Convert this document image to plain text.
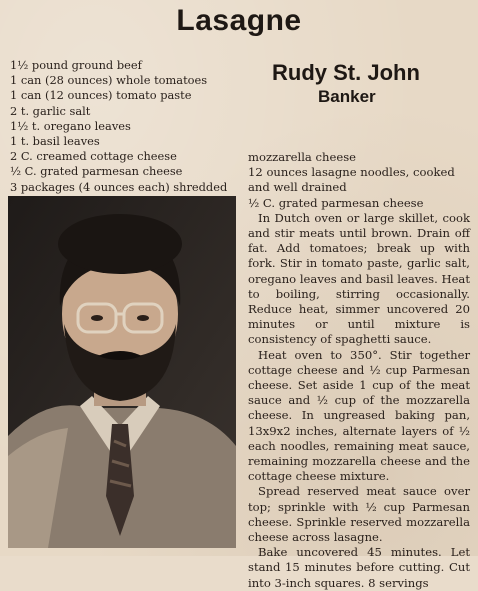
Lasagne
1½ pound ground beef
1 can (28 ounces) whole tomatoes
1 can (12 ounces) tomato paste
2 t. garlic salt
1½ t. oregano leaves
1 t. basil leaves
2 C. creamed cottage cheese
½ C. grated parmesan cheese
3 packages (4 ounces each) shredded
Rudy St. John
Banker

mozzarella cheese

12 ounces lasagne noodles, cooked and well drained

½ C. grated parmesan cheese

In Dutch oven or large skillet, cook and stir meats until brown. Drain off fat. Add tomatoes; break up with fork. Stir in tomato paste, garlic salt, oregano leaves and basil leaves. Heat to boiling, stirring occasionally. Reduce heat, simmer uncovered 20 minutes or until mixture is consistency of spaghetti sauce.

Heat oven to 350°. Stir together cottage cheese and ½ cup Parmesan cheese. Set aside 1 cup of the meat sauce and ½ cup of the mozzarella cheese. In ungreased baking pan, 13x9x2 inches, alternate layers of ½ each noodles, remaining meat sauce, remaining mozzarella cheese and the cottage cheese mixture.

Spread reserved meat sauce over top; sprinkle with ½ cup Parmesan cheese. Sprinkle reserved mozzarella cheese across lasagne.

Bake uncovered 45 minutes. Let stand 15 minutes before cutting. Cut into 3-inch squares. 8 servings
